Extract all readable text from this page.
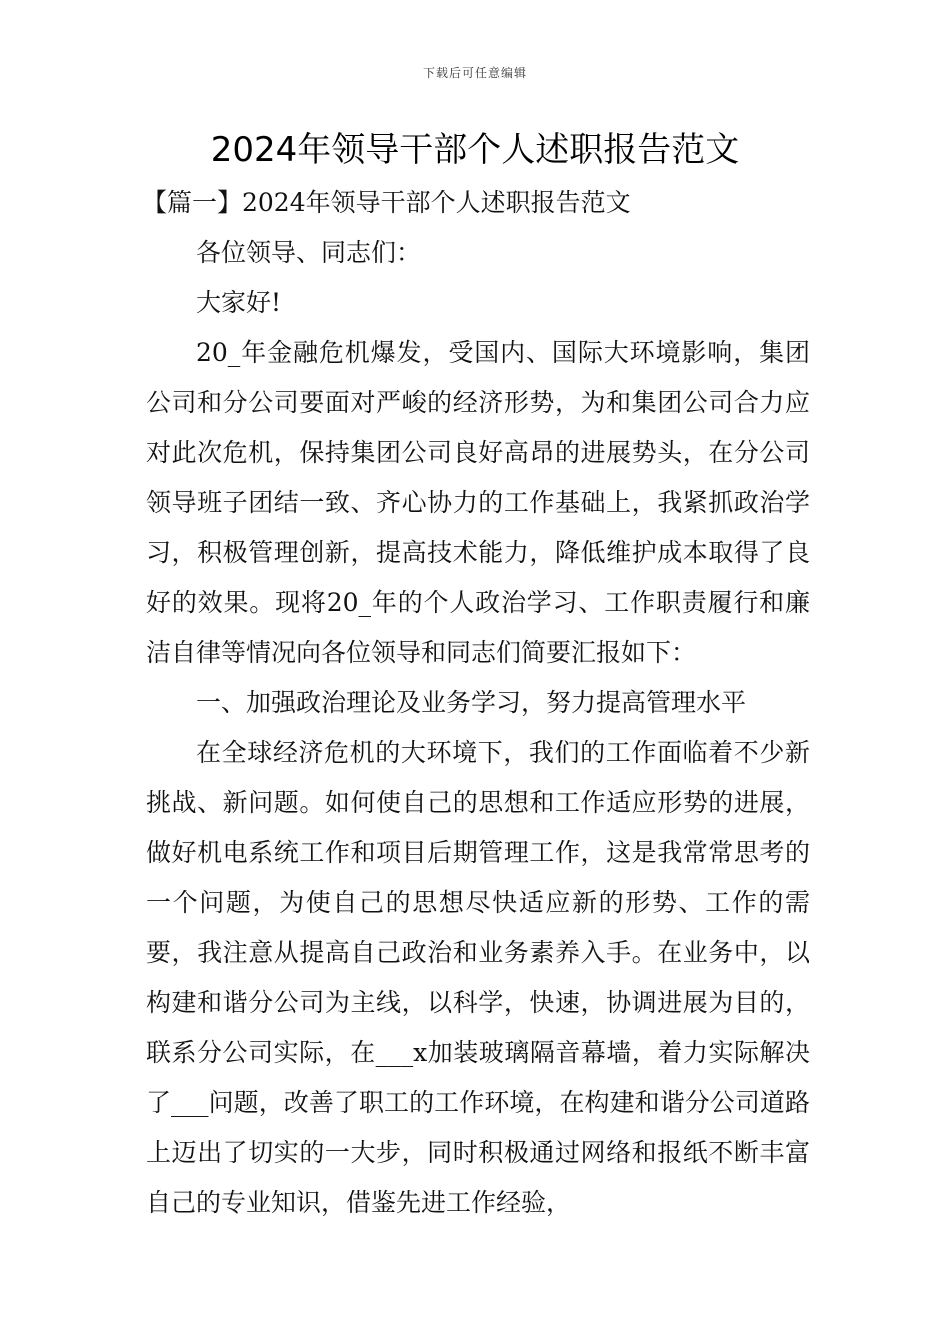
下载后可任意编辑
2024年领导干部个人述职报告范文

【篇一】2024年领导干部个人述职报告范文

各位领导、同志们：

大家好!

20_年金融危机爆发，受国内、国际大环境影响，集团公司和分公司要面对严峻的经济形势，为和集团公司合力应对此次危机，保持集团公司良好高昂的进展势头，在分公司领导班子团结一致、齐心协力的工作基础上，我紧抓政治学习，积极管理创新，提高技术能力，降低维护成本取得了良好的效果。现将20_年的个人政治学习、工作职责履行和廉洁自律等情况向各位领导和同志们简要汇报如下：

一、加强政治理论及业务学习，努力提高管理水平

在全球经济危机的大环境下，我们的工作面临着不少新挑战、新问题。如何使自己的思想和工作适应形势的进展，做好机电系统工作和项目后期管理工作，这是我常常思考的一个问题，为使自己的思想尽快适应新的形势、工作的需要，我注意从提高自己政治和业务素养入手。在业务中，以构建和谐分公司为主线，以科学，快速，协调进展为目的，联系分公司实际，在___x加装玻璃隔音幕墙，着力实际解决了___问题，改善了职工的工作环境，在构建和谐分公司道路上迈出了切实的一大步，同时积极通过网络和报纸不断丰富自己的专业知识，借鉴先进工作经验，
